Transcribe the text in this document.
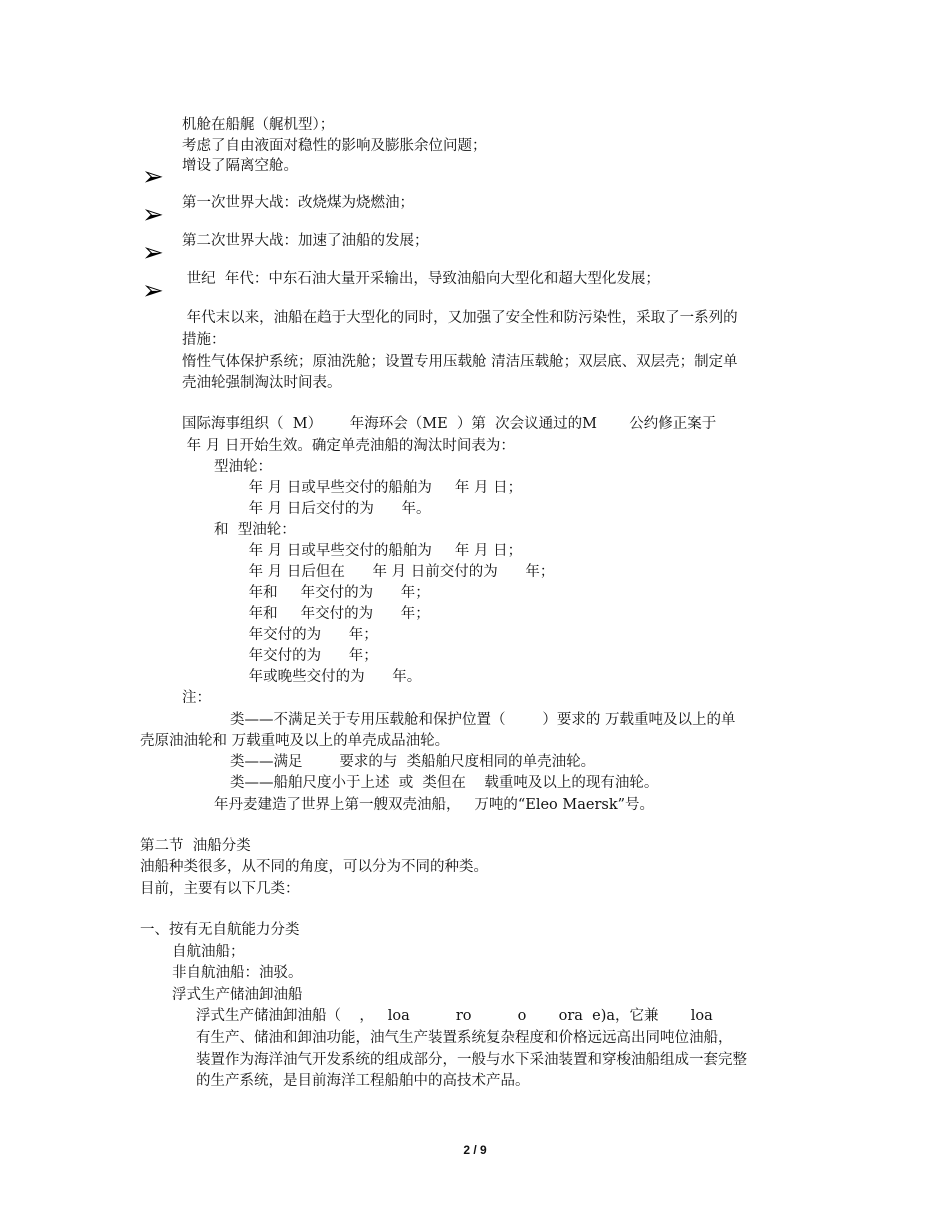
机舱在船艉（艉机型）；
考虑了自由液面对稳性的影响及膨胀余位问题；
增设了隔离空舱。
➢
第一次世界大战：改烧煤为烧燃油；
➢
第二次世界大战：加速了油船的发展；
➢
世纪  年代：中东石油大量开采输出，导致油船向大型化和超大型化发展；
➢
年代末以来，油船在趋于大型化的同时，又加强了安全性和防污染性，采取了一系列的
措施：
惰性气体保护系统；原油洗舱；设置专用压载舱 清洁压载舱；双层底、双层壳；制定单
壳油轮强制淘汰时间表。
国际海事组织（  M）      年海环会（ME  ）第  次会议通过的M       公约修正案于
年 月 日开始生效。确定单壳油船的淘汰时间表为：
型油轮：
年 月 日或早些交付的船舶为     年 月 日；
年 月 日后交付的为      年。
和  型油轮：
年 月 日或早些交付的船舶为     年 月 日；
年 月 日后但在      年 月 日前交付的为      年；
年和     年交付的为      年；
年和     年交付的为      年；
年交付的为      年；
年交付的为      年；
年或晚些交付的为      年。
注：
类——不满足关于专用压载舱和保护位置（        ）要求的 万载重吨及以上的单
壳原油油轮和 万载重吨及以上的单壳成品油轮。
类——满足        要求的与  类船舶尺度相同的单壳油轮。
类——船舶尺度小于上述  或  类但在    载重吨及以上的现有油轮。
年丹麦建造了世界上第一艘双壳油船，   万吨的“Eleo Maersk”号。
第二节  油船分类
油船种类很多，从不同的角度，可以分为不同的种类。
目前，主要有以下几类：
一、按有无自航能力分类
自航油船；
非自航油船：油驳。
浮式生产储油卸油船
浮式生产储油卸油船（    ，   loa          ro          o       ora  e)a，它兼       loa
有生产、储油和卸油功能，油气生产装置系统复杂程度和价格远远高出同吨位油船，
装置作为海洋油气开发系统的组成部分，一般与水下采油装置和穿梭油船组成一套完整
的生产系统，是目前海洋工程船舶中的高技术产品。
2 / 9
